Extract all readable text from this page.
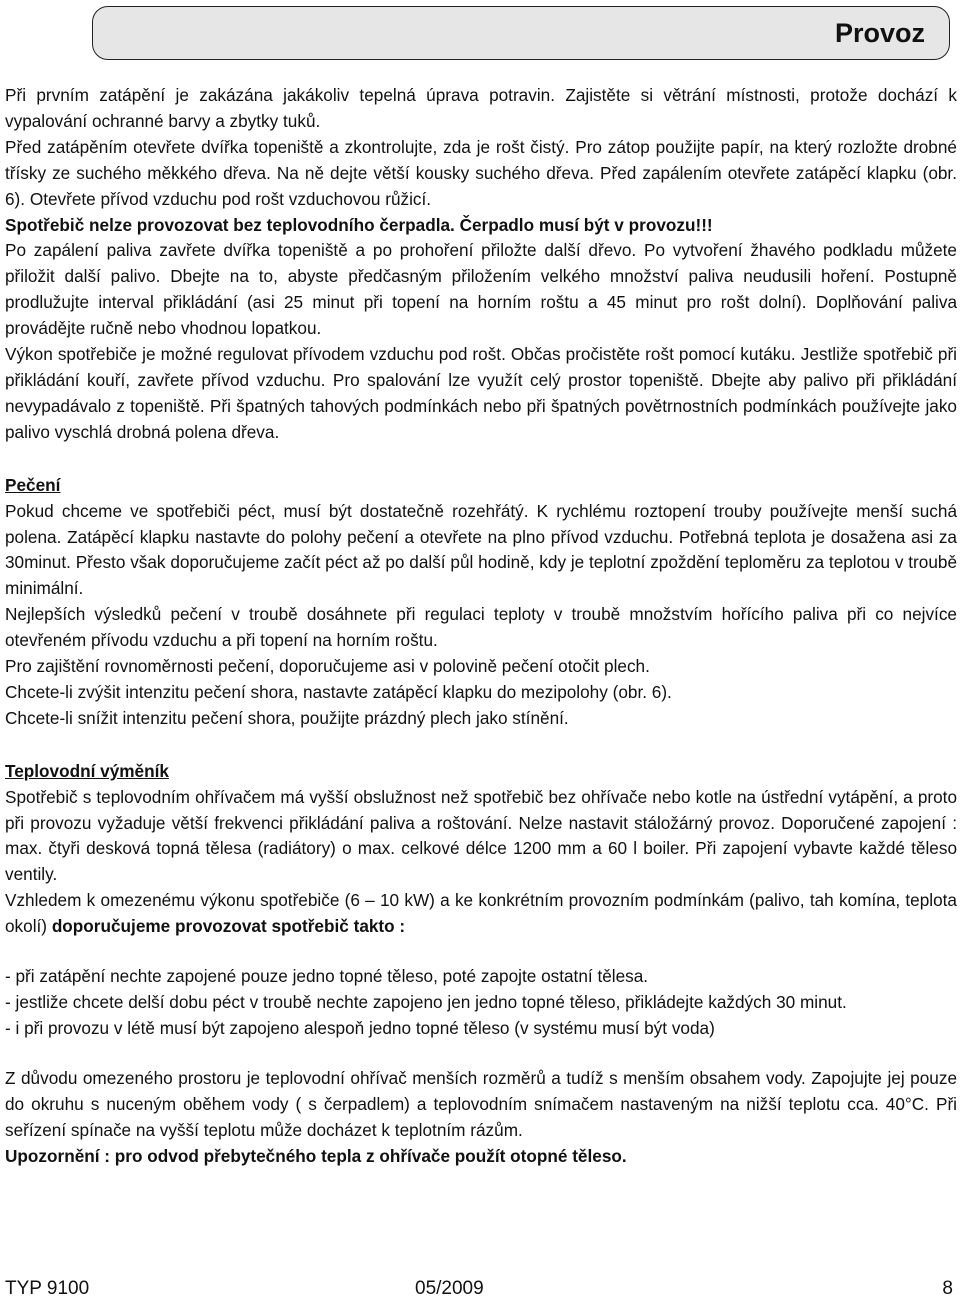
Provoz

Při prvním zatápění je zakázána jakákoliv tepelná úprava potravin. Zajistěte si větrání místnosti, protože dochází k vypalování ochranné barvy a zbytky tuků.

Před zatápěním otevřete dvířka topeniště a zkontrolujte, zda je rošt čistý. Pro zátop použijte papír, na který rozložte drobné třísky ze suchého měkkého dřeva. Na ně dejte větší kousky suchého dřeva. Před zapálením otevřete zatápěcí klapku (obr. 6). Otevřete přívod vzduchu pod rošt vzduchovou růžicí.

Spotřebič nelze provozovat bez teplovodního čerpadla. Čerpadlo musí být v provozu!!!

Po zapálení paliva zavřete dvířka topeniště a po prohoření přiložte další dřevo. Po vytvoření žhavého podkladu můžete přiložit další palivo. Dbejte na to, abyste předčasným přiložením velkého množství paliva neudusili hoření. Postupně prodlužujte interval přikládání (asi 25 minut při topení na horním roštu a 45 minut pro rošt dolní). Doplňování paliva provádějte ručně nebo vhodnou lopatkou.

Výkon spotřebiče je možné regulovat přívodem vzduchu pod rošt. Občas pročistěte rošt pomocí kutáku. Jestliže spotřebič při přikládání kouří, zavřete přívod vzduchu. Pro spalování lze využít celý prostor topeniště. Dbejte aby palivo při přikládání nevypadávalo z topeniště. Při špatných tahových podmínkách nebo při špatných povětrnostních podmínkách používejte jako palivo vyschlá drobná polena dřeva.

Pečení

Pokud chceme ve spotřebiči péct, musí být dostatečně rozehřátý. K rychlému roztopení trouby používejte menší suchá polena. Zatápěcí klapku nastavte do polohy pečení a otevřete na plno přívod vzduchu. Potřebná teplota je dosažena asi za 30minut. Přesto však doporučujeme začít péct až po další půl hodině, kdy je teplotní zpoždění teploměru za teplotou v troubě minimální.

Nejlepších výsledků pečení v troubě dosáhnete při regulaci teploty v troubě množstvím hořícího paliva při co nejvíce otevřeném přívodu vzduchu a při topení na horním roštu.

Pro zajištění rovnoměrnosti pečení, doporučujeme asi v polovině pečení otočit plech.

Chcete-li zvýšit intenzitu pečení shora, nastavte zatápěcí klapku do mezipolohy (obr. 6).

Chcete-li snížit intenzitu pečení shora, použijte prázdný plech jako stínění.

Teplovodní výměník

Spotřebič s teplovodním ohřívačem má vyšší obslužnost než spotřebič bez ohřívače nebo kotle na ústřední vytápění, a proto při provozu vyžaduje větší frekvenci přikládání paliva a roštování. Nelze nastavit stáložárný provoz. Doporučené zapojení : max. čtyři desková topná tělesa (radiátory) o max. celkové délce 1200 mm a 60 l boiler. Při zapojení vybavte každé těleso ventily.

Vzhledem k omezenému výkonu spotřebiče (6 – 10 kW) a ke konkrétním provozním podmínkám (palivo, tah komína, teplota okolí) doporučujeme provozovat spotřebič takto :

- při zatápění nechte zapojené pouze jedno topné těleso, poté zapojte ostatní tělesa.

- jestliže chcete delší dobu péct v troubě nechte zapojeno jen jedno topné těleso, přikládejte každých 30 minut.

- i při provozu v létě musí být zapojeno alespoň jedno topné těleso (v systému musí být voda)

Z důvodu omezeného prostoru je teplovodní ohřívač menších rozměrů a tudíž s menším obsahem vody. Zapojujte jej pouze do okruhu s nuceným oběhem vody ( s čerpadlem) a teplovodním snímačem nastaveným na nižší teplotu cca. 40°C. Při seřízení spínače na vyšší teplotu může docházet k teplotním rázům.

Upozornění : pro odvod přebytečného tepla z ohřívače použít otopné těleso.

TYP 9100	05/2009	8
